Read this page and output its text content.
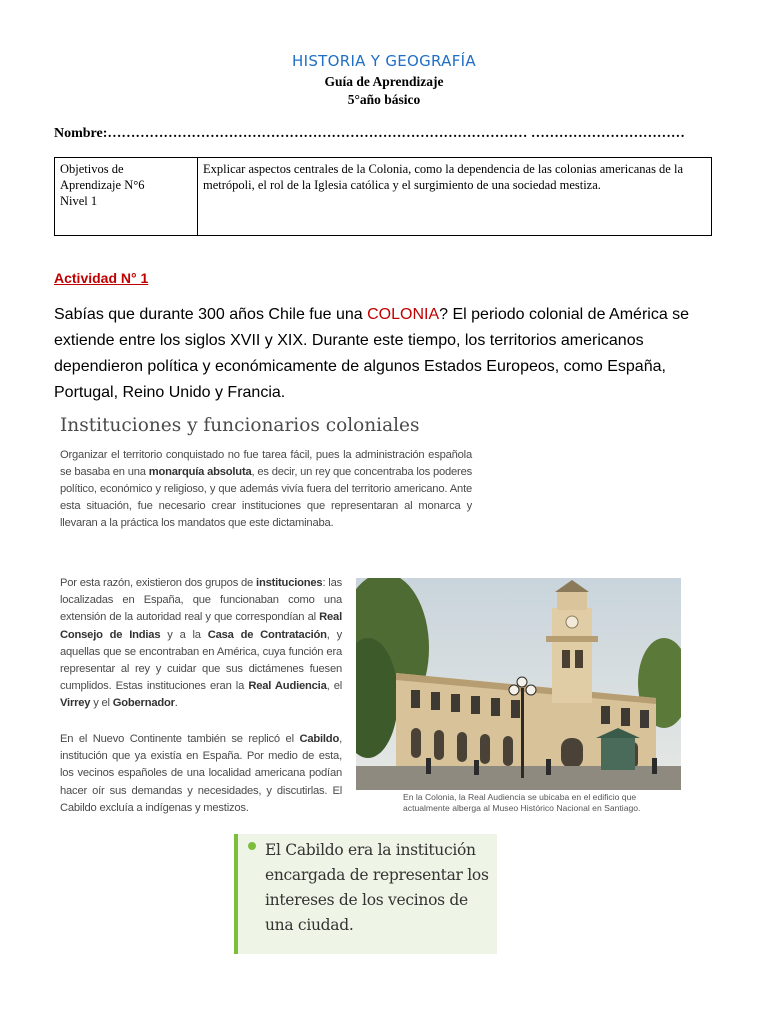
HISTORIA Y GEOGRAFÍA
Guía de Aprendizaje
5°año básico
Nombre:……………………………………………………………………………… ……………………………
Objetivos de
Aprendizaje N°6
Nivel 1
	Explicar aspectos centrales de la Colonia, como la dependencia de las colonias americanas de la metrópoli, el rol de la Iglesia católica y el surgimiento de una sociedad mestiza.
Actividad N° 1
Sabías que durante 300 años Chile fue una COLONIA? El periodo colonial de América se extiende entre los siglos XVII y XIX. Durante este tiempo, los territorios americanos dependieron política y económicamente de algunos Estados Europeos, como España, Portugal, Reino Unido y Francia.
Instituciones y funcionarios coloniales
Organizar el territorio conquistado no fue tarea fácil, pues la administración española se basaba en una monarquía absoluta, es decir, un rey que concentraba los poderes político, económico y religioso, y que además vivía fuera del territorio americano. Ante esta situación, fue necesario crear instituciones que representaran al monarca y llevaran a la práctica los mandatos que este dictaminaba.
Por esta razón, existieron dos grupos de instituciones: las localizadas en España, que funcionaban como una extensión de la autoridad real y que correspondían al Real Consejo de Indias y a la Casa de Contratación, y aquellas que se encontraban en América, cuya función era representar al rey y cuidar que sus dictámenes fuesen cumplidos. Estas instituciones eran la Real Audiencia, el Virrey y el Gobernador.
En el Nuevo Continente también se replicó el Cabildo, institución que ya existía en España. Por medio de esta, los vecinos españoles de una localidad americana podían hacer oír sus demandas y necesidades, y discutirlas. El Cabildo excluía a indígenas y mestizos.
En la Colonia, la Real Audiencia se ubicaba en el edificio que actualmente alberga al Museo Histórico Nacional en Santiago.
El Cabildo era la institución encargada de representar los intereses de los vecinos de una ciudad.
